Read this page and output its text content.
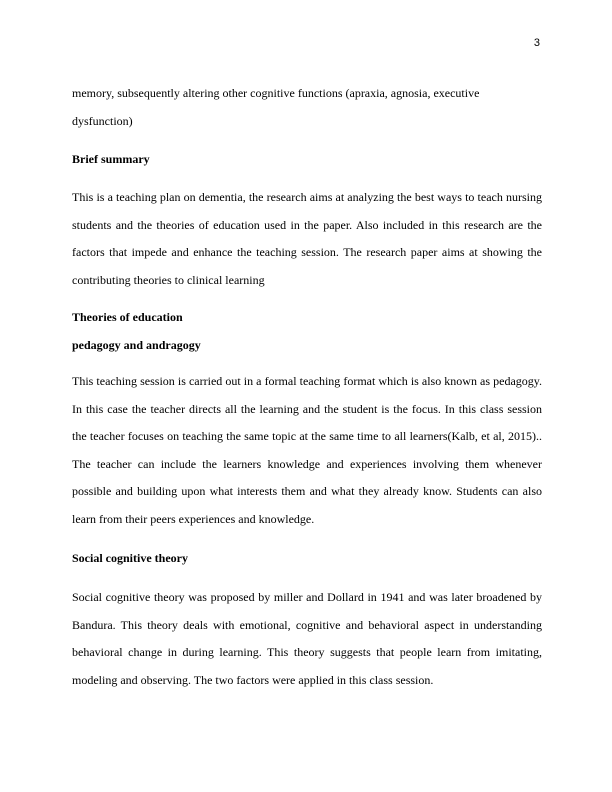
3

memory, subsequently altering other cognitive functions (apraxia, agnosia, executive dysfunction)

Brief summary

This is a teaching plan on dementia, the research aims at analyzing the best ways to teach nursing students and the theories of education used in the paper. Also included in this research are the factors that impede and enhance the teaching session. The research paper aims at showing the contributing theories to clinical learning

Theories of education
pedagogy and andragogy

This teaching session is carried out in a formal teaching format which is also known as pedagogy. In this case the teacher directs all the learning and the student is the focus. In this class session the teacher focuses on teaching the same topic at the same time to all learners(Kalb, et al, 2015).. The teacher can include the learners knowledge and experiences involving them whenever possible and building upon what interests them and what they already know. Students can also learn from their peers experiences and knowledge.

Social cognitive theory

Social cognitive theory was proposed by miller and Dollard in 1941 and was later broadened by Bandura. This theory deals with emotional, cognitive and behavioral aspect in understanding behavioral change in during learning. This theory suggests that people learn from imitating, modeling and observing. The two factors were applied in this class session.
